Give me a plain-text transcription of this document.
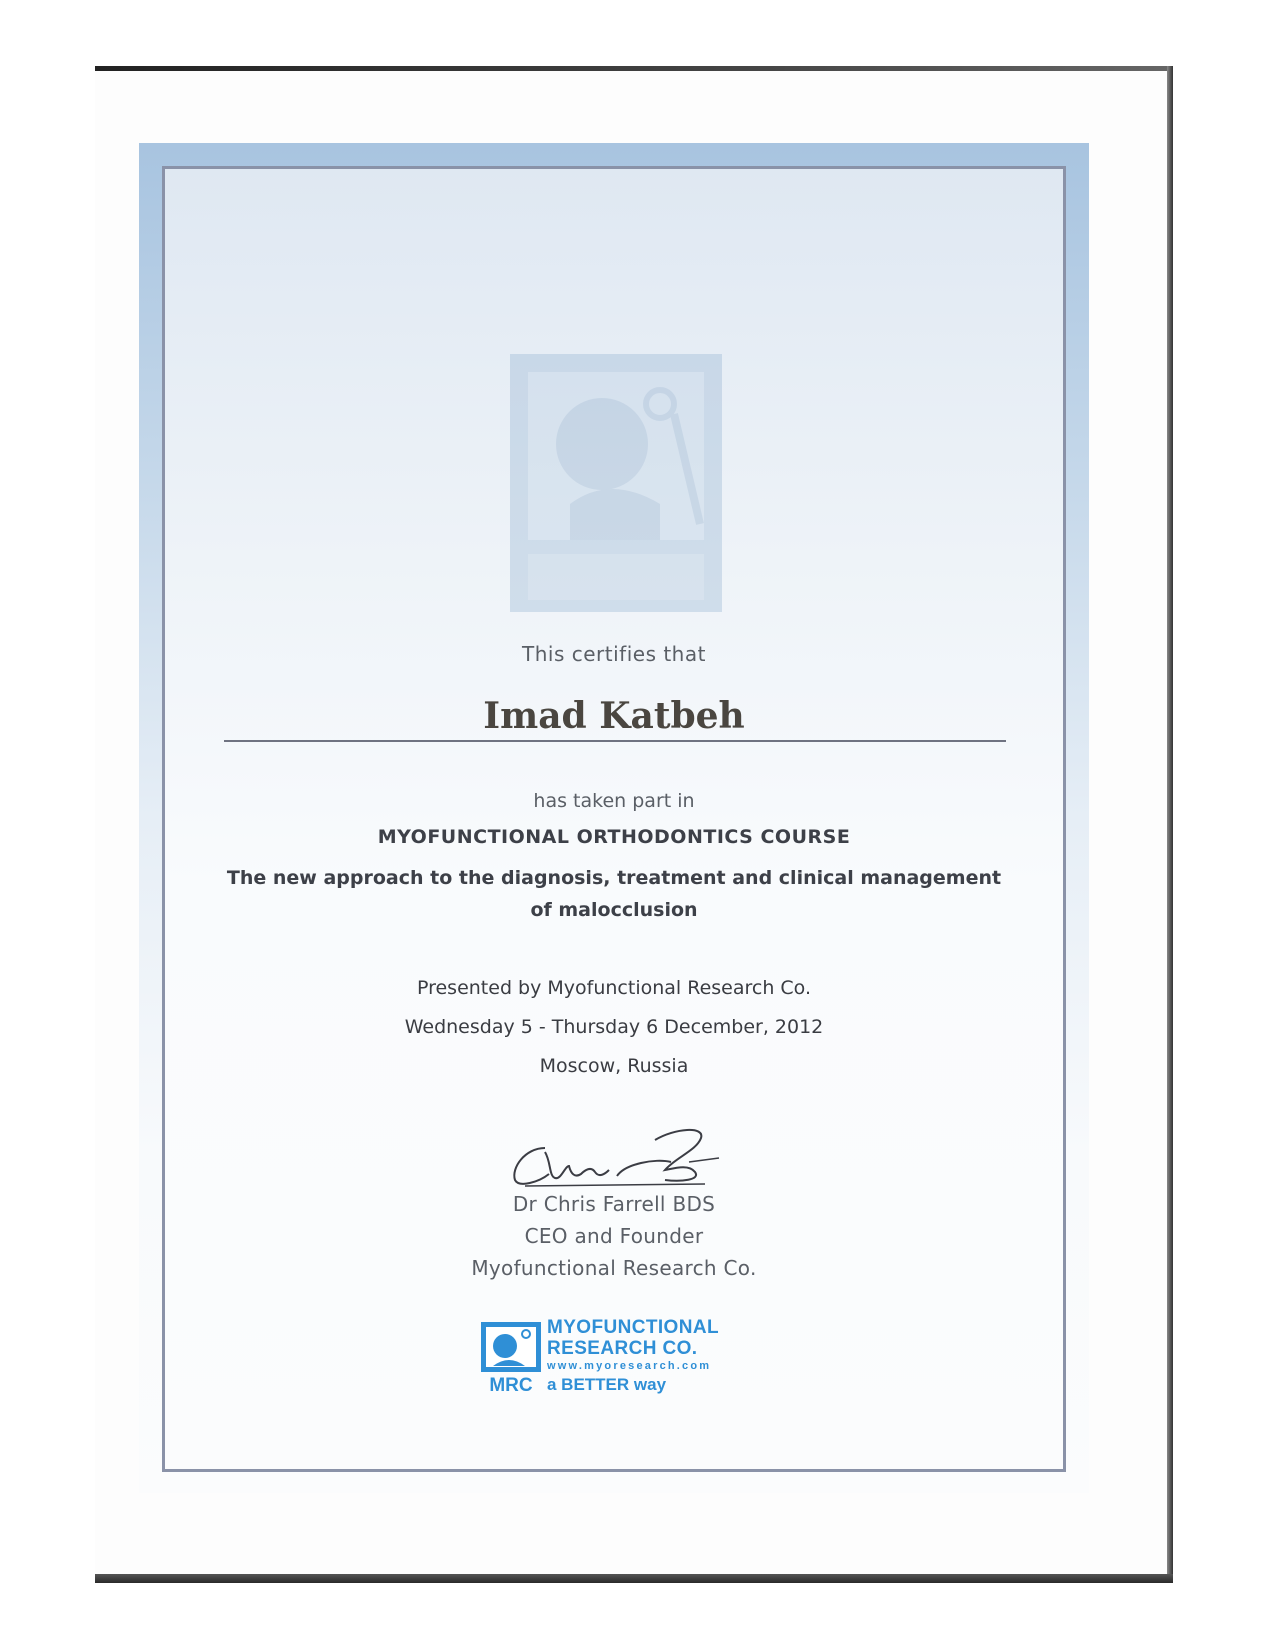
This certifies that
Imad Katbeh
has taken part in
MYOFUNCTIONAL ORTHODONTICS COURSE
The new approach to the diagnosis, treatment and clinical management of malocclusion
Presented by Myofunctional Research Co.
Wednesday 5 - Thursday 6 December, 2012
Moscow, Russia
Dr Chris Farrell BDS
CEO and Founder
Myofunctional Research Co.
MRC
MYOFUNCTIONAL
RESEARCH CO.
www.myoresearch.com
a BETTER way
